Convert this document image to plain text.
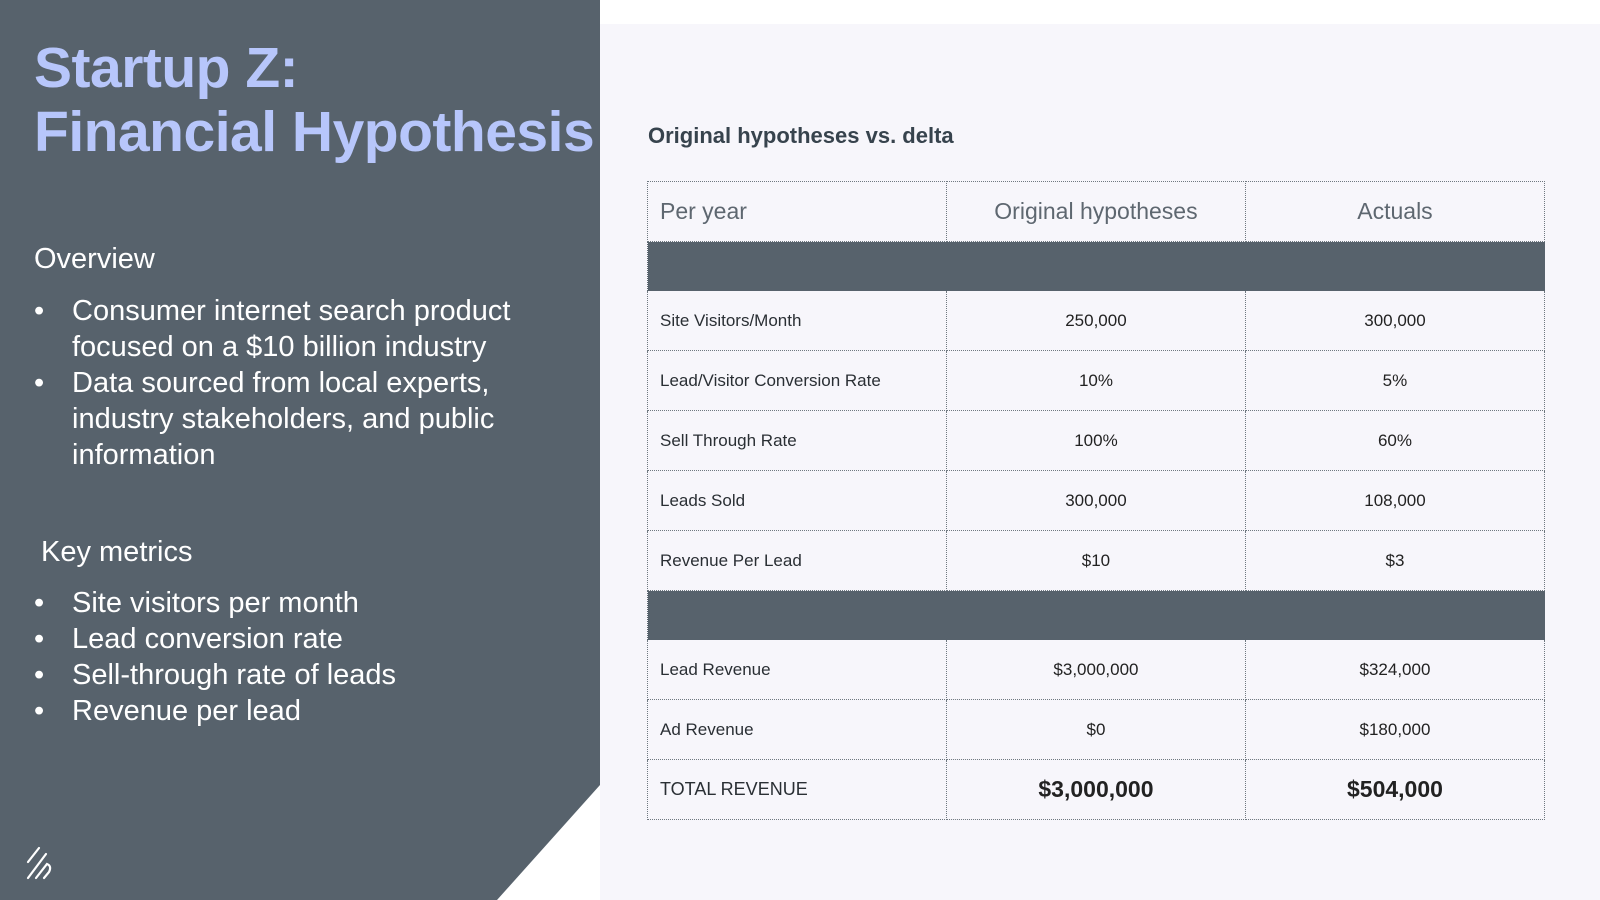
Startup Z:
Financial Hypothesis
Overview
• Consumer internet search product focused on a $10 billion industry
• Data sourced from local experts, industry stakeholders, and public information
Key metrics
• Site visitors per month
• Lead conversion rate
• Sell-through rate of leads
• Revenue per lead
Original hypotheses vs. delta
Per year	Original hypotheses	Actuals

Site Visitors/Month	250,000	300,000
Lead/Visitor Conversion Rate	10%	5%
Sell Through Rate	100%	60%
Leads Sold	300,000	108,000
Revenue Per Lead	$10	$3

Lead Revenue	$3,000,000	$324,000
Ad Revenue	$0	$180,000
TOTAL REVENUE	$3,000,000	$504,000
